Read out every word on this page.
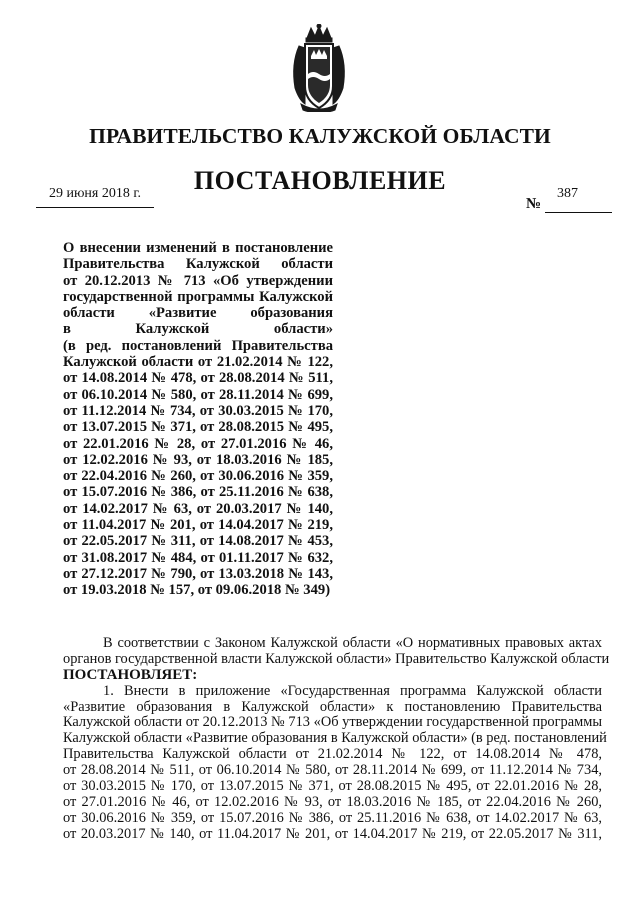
ПРАВИТЕЛЬСТВО КАЛУЖСКОЙ ОБЛАСТИ
ПОСТАНОВЛЕНИЕ
29 июня 2018 г.
№
387
О внесении изменений в постановление
Правительства Калужской области
от 20.12.2013 № 713 «Об утверждении
государственной программы Калужской
области «Развитие образования
в Калужской области»
(в ред. постановлений Правительства
Калужской области от 21.02.2014 № 122,
от 14.08.2014 № 478, от 28.08.2014 № 511,
от 06.10.2014 № 580, от 28.11.2014 № 699,
от 11.12.2014 № 734, от 30.03.2015 № 170,
от 13.07.2015 № 371, от 28.08.2015 № 495,
от 22.01.2016 № 28, от 27.01.2016 № 46,
от 12.02.2016 № 93, от 18.03.2016 № 185,
от 22.04.2016 № 260, от 30.06.2016 № 359,
от 15.07.2016 № 386, от 25.11.2016 № 638,
от 14.02.2017 № 63, от 20.03.2017 № 140,
от 11.04.2017 № 201, от 14.04.2017 № 219,
от 22.05.2017 № 311, от 14.08.2017 № 453,
от 31.08.2017 № 484, от 01.11.2017 № 632,
от 27.12.2017 № 790, от 13.03.2018 № 143,
от 19.03.2018 № 157, от 09.06.2018 № 349)
В соответствии с Законом Калужской области «О нормативных правовых актах
органов государственной власти Калужской области» Правительство Калужской области
ПОСТАНОВЛЯЕТ:
1. Внести в приложение «Государственная программа Калужской области
«Развитие образования в Калужской области» к постановлению Правительства
Калужской области от 20.12.2013 № 713 «Об утверждении государственной программы
Калужской области «Развитие образования в Калужской области» (в ред. постановлений
Правительства Калужской области от 21.02.2014 № 122, от 14.08.2014 № 478,
от 28.08.2014 № 511, от 06.10.2014 № 580, от 28.11.2014 № 699, от 11.12.2014 № 734,
от 30.03.2015 № 170, от 13.07.2015 № 371, от 28.08.2015 № 495, от 22.01.2016 № 28,
от 27.01.2016 № 46, от 12.02.2016 № 93, от 18.03.2016 № 185, от 22.04.2016 № 260,
от 30.06.2016 № 359, от 15.07.2016 № 386, от 25.11.2016 № 638, от 14.02.2017 № 63,
от 20.03.2017 № 140, от 11.04.2017 № 201, от 14.04.2017 № 219, от 22.05.2017 № 311,
